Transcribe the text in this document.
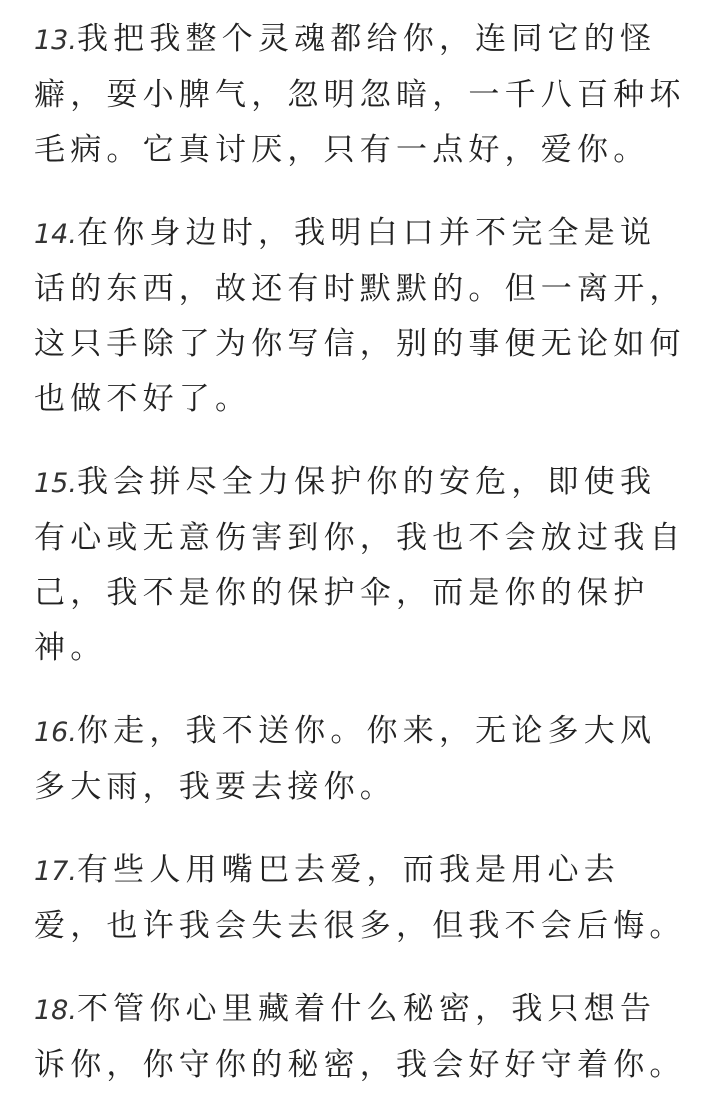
13.我把我整个灵魂都给你，连同它的怪癖，耍小脾气，忽明忽暗，一千八百种坏毛病。它真讨厌，只有一点好，爱你。

14.在你身边时，我明白口并不完全是说话的东西，故还有时默默的。但一离开，这只手除了为你写信，别的事便无论如何也做不好了。

15.我会拼尽全力保护你的安危，即使我有心或无意伤害到你，我也不会放过我自己，我不是你的保护伞，而是你的保护神。

16.你走，我不送你。你来，无论多大风多大雨，我要去接你。

17.有些人用嘴巴去爱，而我是用心去爱，也许我会失去很多，但我不会后悔。

18.不管你心里藏着什么秘密，我只想告诉你，你守你的秘密，我会好好守着你。
